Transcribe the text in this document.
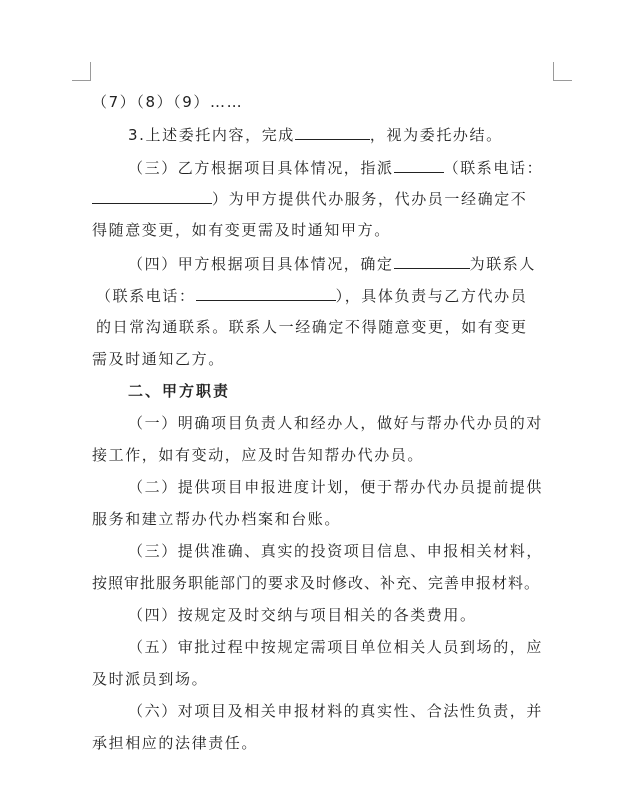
（7）（8）（9）……
3.上述委托内容，完成	，视为委托办结。
（三）乙方根据项目具体情况，指派	（联系电话：
）为甲方提供代办服务，代办员一经确定不
得随意变更，如有变更需及时通知甲方。
（四）甲方根据项目具体情况，确定	为联系人
（联系电话：	），具体负责与乙方代办员
的日常沟通联系。联系人一经确定不得随意变更，如有变更
需及时通知乙方。
二、甲方职责
（一）明确项目负责人和经办人，做好与帮办代办员的对
接工作，如有变动，应及时告知帮办代办员。
（二）提供项目申报进度计划，便于帮办代办员提前提供
服务和建立帮办代办档案和台账。
（三）提供准确、真实的投资项目信息、申报相关材料，
按照审批服务职能部门的要求及时修改、补充、完善申报材料。
（四）按规定及时交纳与项目相关的各类费用。
（五）审批过程中按规定需项目单位相关人员到场的，应
及时派员到场。
（六）对项目及相关申报材料的真实性、合法性负责，并
承担相应的法律责任。
